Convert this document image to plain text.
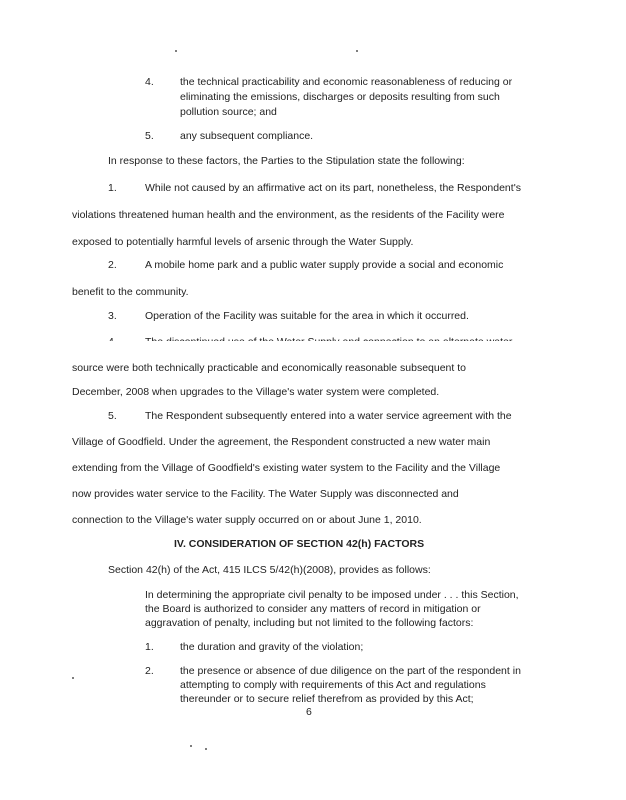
4. the technical practicability and economic reasonableness of reducing or
eliminating the emissions, discharges or deposits resulting from such
pollution source; and
5. any subsequent compliance.
In response to these factors, the Parties to the Stipulation state the following:
1.	While not caused by an affirmative act on its part, nonetheless, the Respondent's
violations threatened human health and the environment, as the residents of the Facility were
exposed to potentially harmful levels of arsenic through the Water Supply.
2.	A mobile home park and a public water supply provide a social and economic
benefit to the community.
3.	Operation of the Facility was suitable for the area in which it occurred.
source were both technically practicable and economically reasonable subsequent to
December, 2008 when upgrades to the Village's water system were completed.
5.	The Respondent subsequently entered into a water service agreement with the
Village of Goodfield. Under the agreement, the Respondent constructed a new water main
extending from the Village of Goodfield's existing water system to the Facility and the Village
now provides water service to the Facility. The Water Supply was disconnected and
connection to the Village's water supply occurred on or about June 1, 2010.
IV. CONSIDERATION OF SECTION 42(h) FACTORS
Section 42(h) of the Act, 415 ILCS 5/42(h)(2008), provides as follows:
In determining the appropriate civil penalty to be imposed under . . . this Section,
the Board is authorized to consider any matters of record in mitigation or
aggravation of penalty, including but not limited to the following factors:
1. the duration and gravity of the violation;
2. the presence or absence of due diligence on the part of the respondent in
attempting to comply with requirements of this Act and regulations
thereunder or to secure relief therefrom as provided by this Act;
6
